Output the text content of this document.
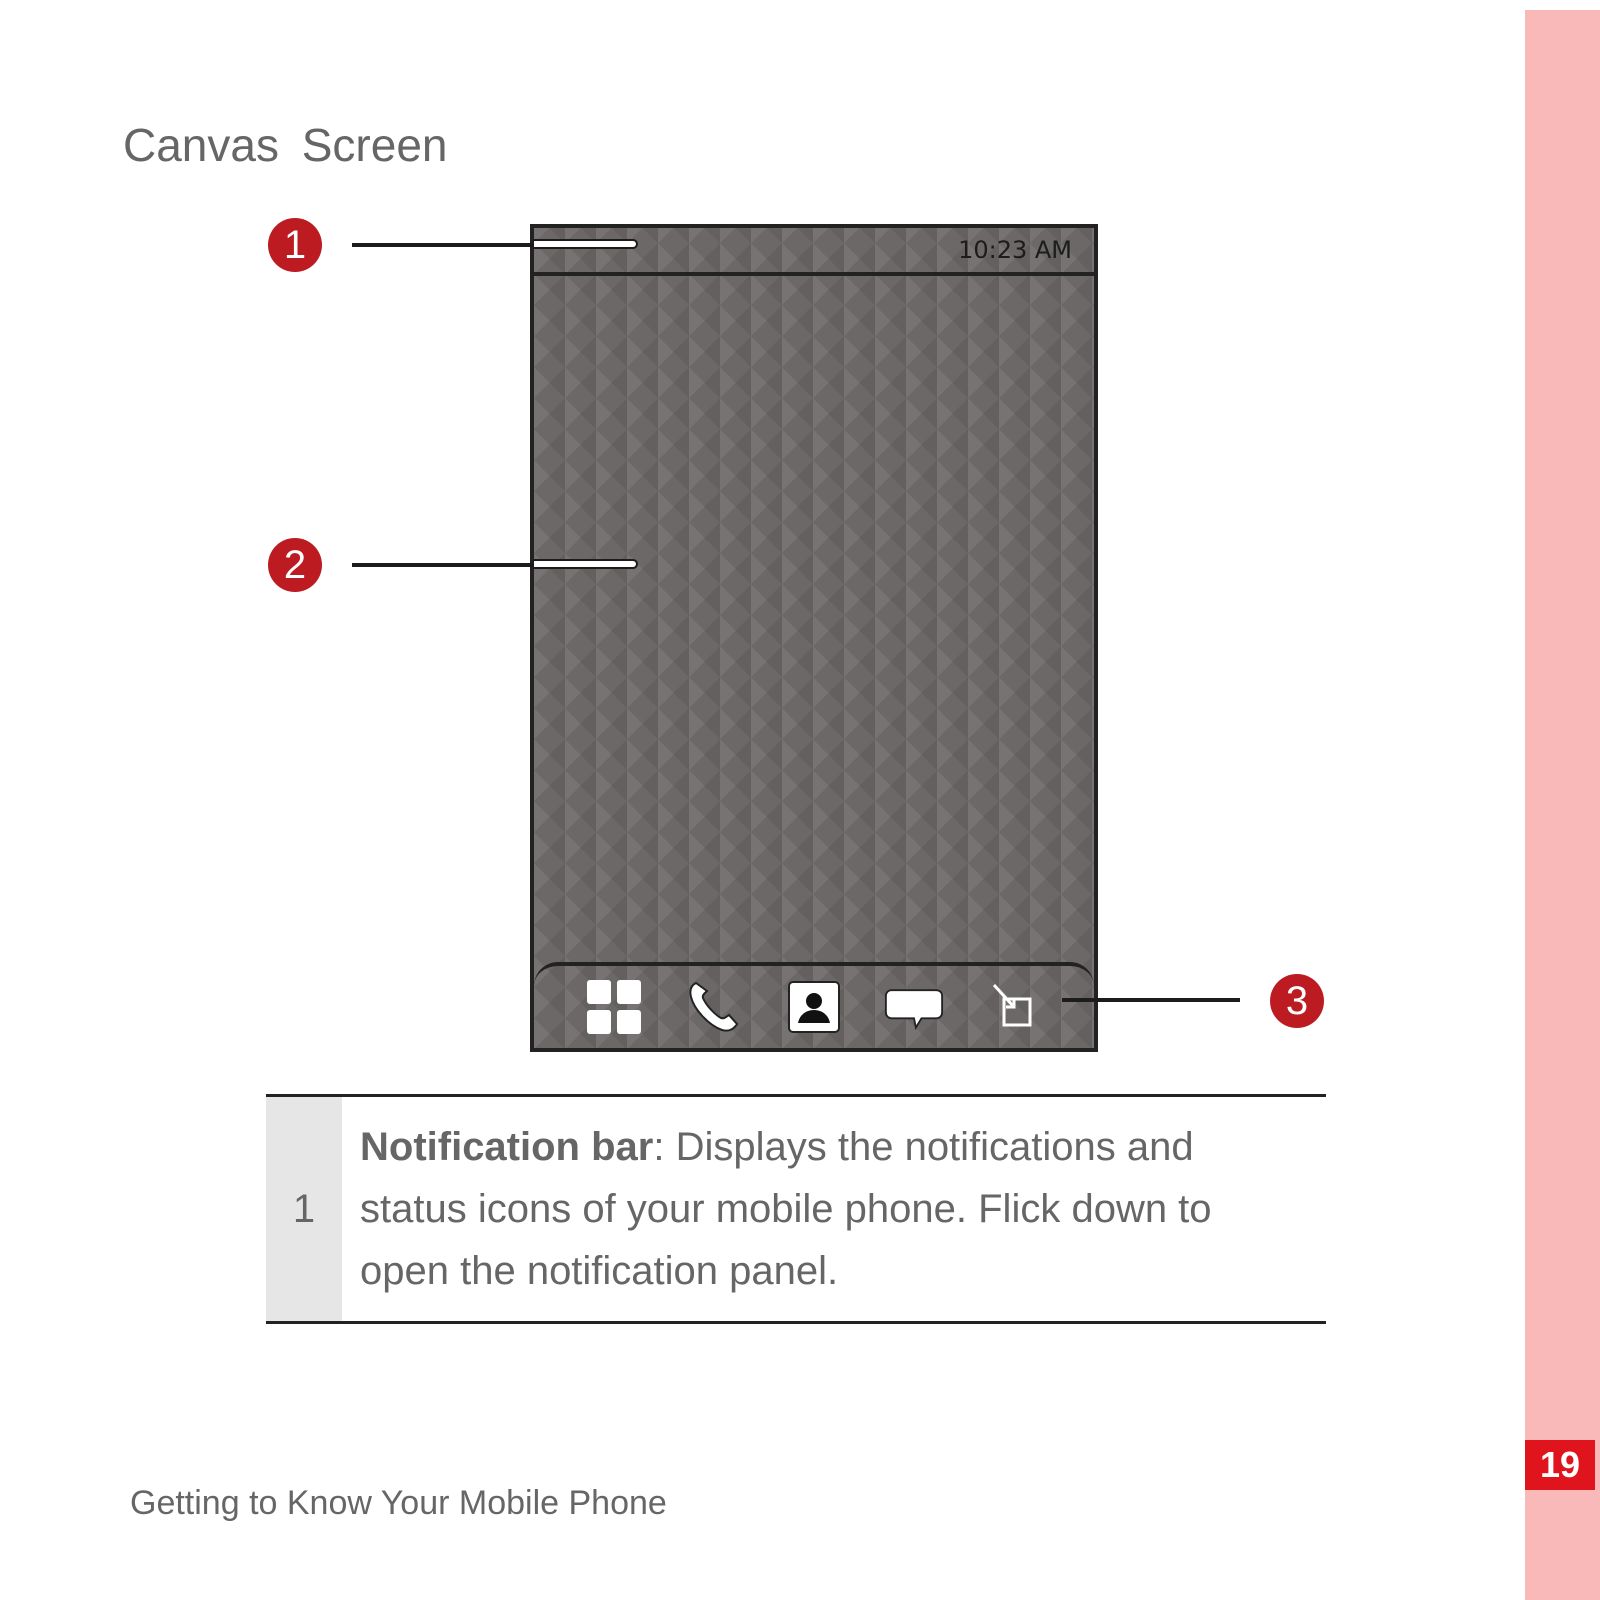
19
Canvas Screen
10:23 AM
1
2
3
1	Notification bar: Displays the notifications and status icons of your mobile phone. Flick down to open the notification panel.
Getting to Know Your Mobile Phone
